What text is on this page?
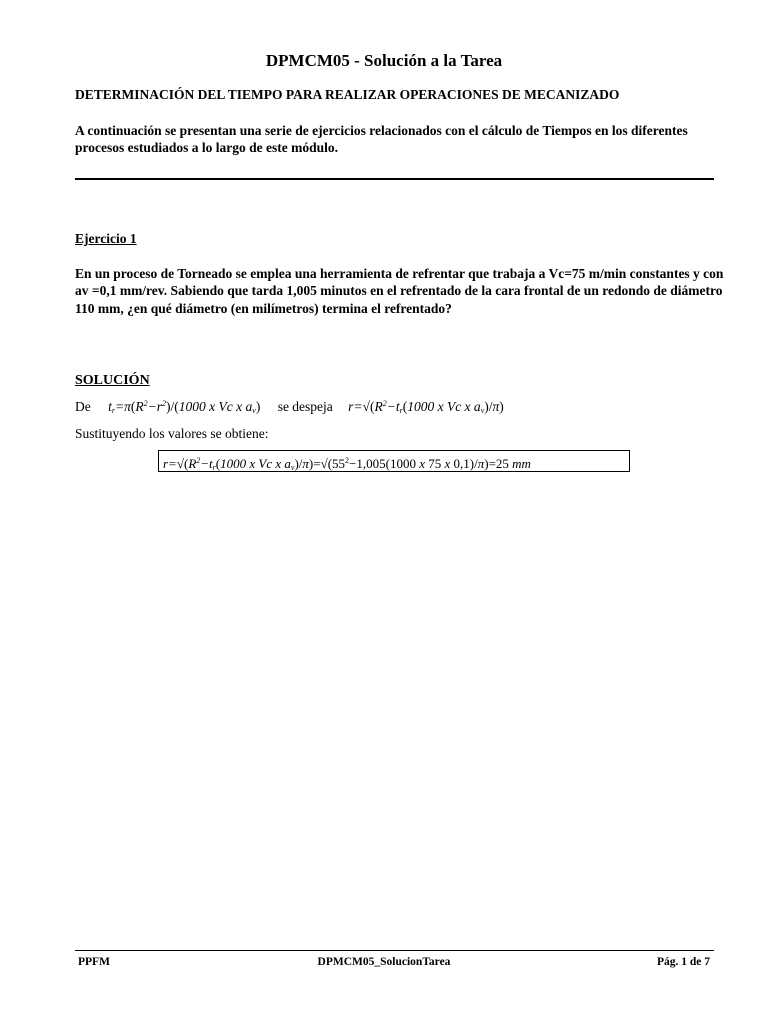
DPMCM05 - Solución a la Tarea
DETERMINACIÓN DEL TIEMPO PARA REALIZAR OPERACIONES DE MECANIZADO
A continuación se presentan una serie de ejercicios relacionados con el cálculo de Tiempos en los diferentes procesos estudiados a lo largo de este módulo.
Ejercicio 1
En un proceso de Torneado se emplea una herramienta de refrentar que trabaja a Vc=75 m/min constantes y con av =0,1 mm/rev. Sabiendo que tarda 1,005 minutos en el refrentado de la cara frontal de un redondo de diámetro 110 mm, ¿en qué diámetro (en milímetros) termina el refrentado?
SOLUCIÓN
De $t_r=\pi(R^2-r^2)/(1000$ x Vc x $a_v$) se despeja $r=√(R^2-t_r(1000$ x Vc x $a_v)/\pi$)
Sustituyendo los valores se obtiene:
$r=√(R^2-t_r(1000$ x Vc x $a_v)/\pi)=√(55^2-1,005(1000$ x 75 x 0,1)/π)=25 mm
PPFM	DPMCM05_SolucionTarea	Pág. 1 de 7
